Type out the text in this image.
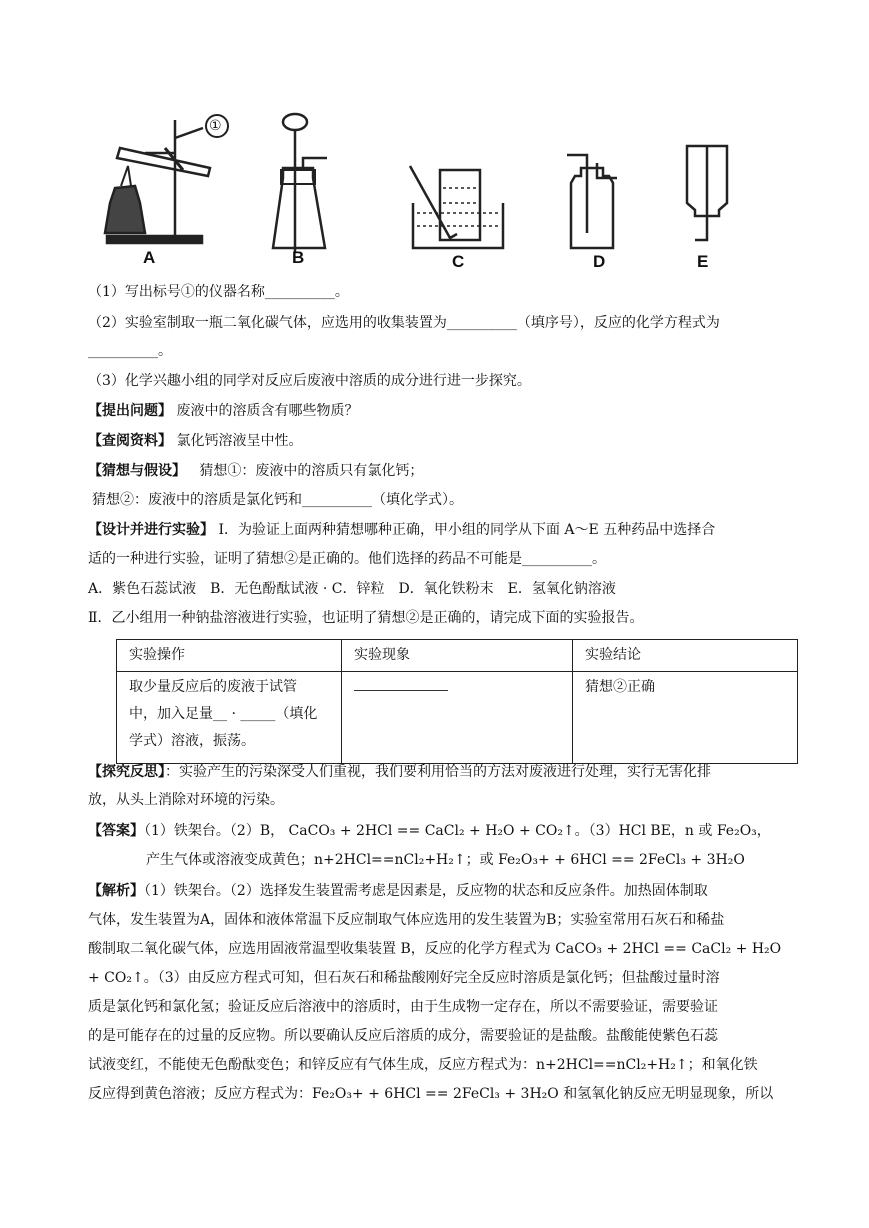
A	B	C	D	E
①
（1）写出标号①的仪器名称__________。
（2）实验室制取一瓶二氧化碳气体，应选用的收集装置为__________（填序号），反应的化学方程式为
__________。
（3）化学兴趣小组的同学对反应后废液中溶质的成分进行进一步探究。
【提出问题】 废液中的溶质含有哪些物质？
【查阅资料】 氯化钙溶液呈中性。
【猜想与假设】 猜想①：废液中的溶质只有氯化钙；
猜想②：废液中的溶质是氯化钙和__________（填化学式）。
【设计并进行实验】 Ⅰ．为验证上面两种猜想哪种正确，甲小组的同学从下面 A～E 五种药品中选择合
适的一种进行实验，证明了猜想②是正确的。他们选择的药品不可能是__________。
A．紫色石蕊试液　B．无色酚酞试液 · C．锌粒　D．氧化铁粉末　E．氢氧化钠溶液
Ⅱ．乙小组用一种钠盐溶液进行实验，也证明了猜想②是正确的，请完成下面的实验报告。
实验操作	实验现象	实验结论

取少量反应后的废液于试管
中，加入足量__ · _____（填化
学式）溶液，振荡。		猜想②正确
【探究反思】：实验产生的污染深受人们重视，我们要利用恰当的方法对废液进行处理，实行无害化排
放，从头上消除对环境的污染。
【答案】（1）铁架台。（2）B， CaCO₃ + 2HCl == CaCl₂ + H₂O + CO₂↑。（3）HCl BE，n 或 Fe₂O₃，
产生气体或溶液变成黄色；n+2HCl==nCl₂+H₂↑；或 Fe₂O₃+ + 6HCl == 2FeCl₃ + 3H₂O
【解析】（1）铁架台。（2）选择发生装置需考虑是因素是，反应物的状态和反应条件。加热固体制取
气体，发生装置为A，固体和液体常温下反应制取气体应选用的发生装置为B；实验室常用石灰石和稀盐
酸制取二氧化碳气体，应选用固液常温型收集装置 B，反应的化学方程式为 CaCO₃ + 2HCl == CaCl₂ + H₂O
+ CO₂↑。（3）由反应方程式可知，但石灰石和稀盐酸刚好完全反应时溶质是氯化钙；但盐酸过量时溶
质是氯化钙和氯化氢；验证反应后溶液中的溶质时，由于生成物一定存在，所以不需要验证，需要验证
的是可能存在的过量的反应物。所以要确认反应后溶质的成分，需要验证的是盐酸。盐酸能使紫色石蕊
试液变红，不能使无色酚酞变色；和锌反应有气体生成，反应方程式为：n+2HCl==nCl₂+H₂↑；和氧化铁
反应得到黄色溶液；反应方程式为：Fe₂O₃+ + 6HCl == 2FeCl₃ + 3H₂O 和氢氧化钠反应无明显现象，所以
